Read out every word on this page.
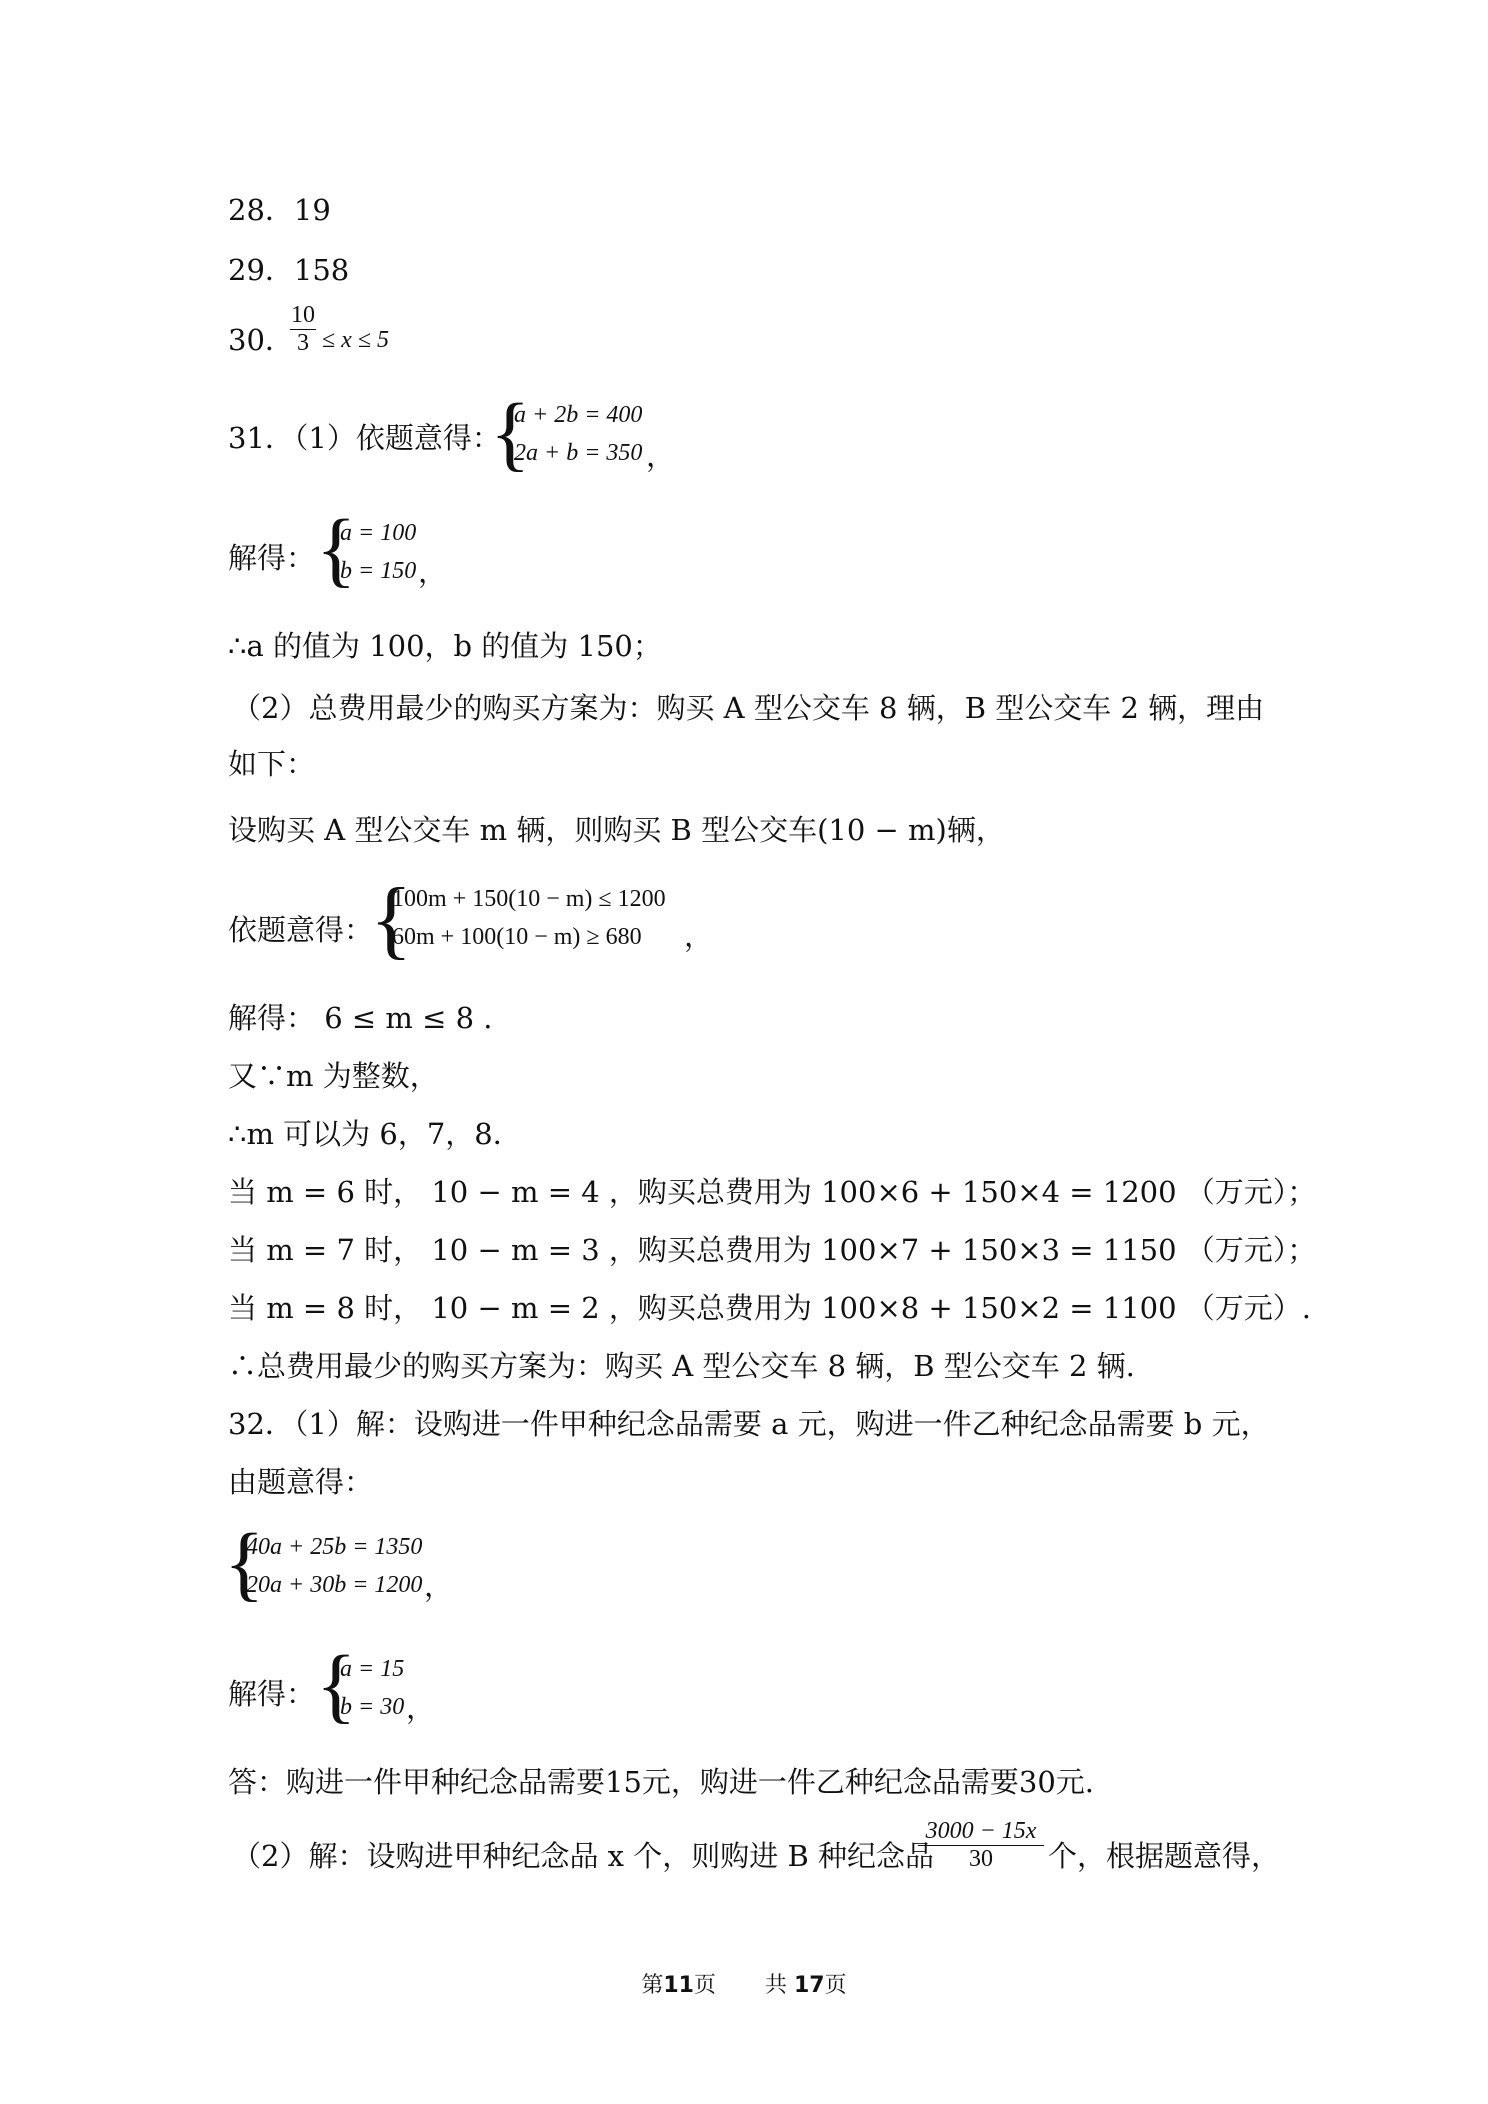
28．19
29．158
30．
$\frac{10}{3} \le x \le 5$
31．（1）依题意得：
{
a + 2b = 400
2a + b = 350 ，
解得： {
a = 100
b = 150 ，
∴a 的值为 100，b 的值为 150；
（2）总费用最少的购买方案为：购买 A 型公交车 8 辆，B 型公交车 2 辆，理由
如下：
设购买 A 型公交车 m 辆，则购买 B 型公交车(10 − m)辆，
依题意得：
{
100m + 150(10 − m) ≤ 1200
60m + 100(10 − m) ≥ 680	，
解得： 6 ≤ m ≤ 8 .
又∵m 为整数，
∴m 可以为 6，7，8．
当 m = 6 时， 10 − m = 4 ，购买总费用为 100×6 + 150×4 = 1200 （万元）；
当 m = 7 时， 10 − m = 3 ，购买总费用为 100×7 + 150×3 = 1150 （万元）；
当 m = 8 时， 10 − m = 2 ，购买总费用为 100×8 + 150×2 = 1100 （万元）.
∴总费用最少的购买方案为：购买 A 型公交车 8 辆，B 型公交车 2 辆.
32．（1）解：设购进一件甲种纪念品需要 a 元，购进一件乙种纪念品需要 b 元，
由题意得：
{
40a + 25b = 1350
20a + 30b = 1200 ，
解得： {
a = 15
b = 30 ，
答：购进一件甲种纪念品需要15元，购进一件乙种纪念品需要30元.
（2）解：设购进甲种纪念品 x 个，则购进 B 种纪念品
$\frac{3000 - 15x}{30}$ 个，根据题意得，
第11页 共 17页
